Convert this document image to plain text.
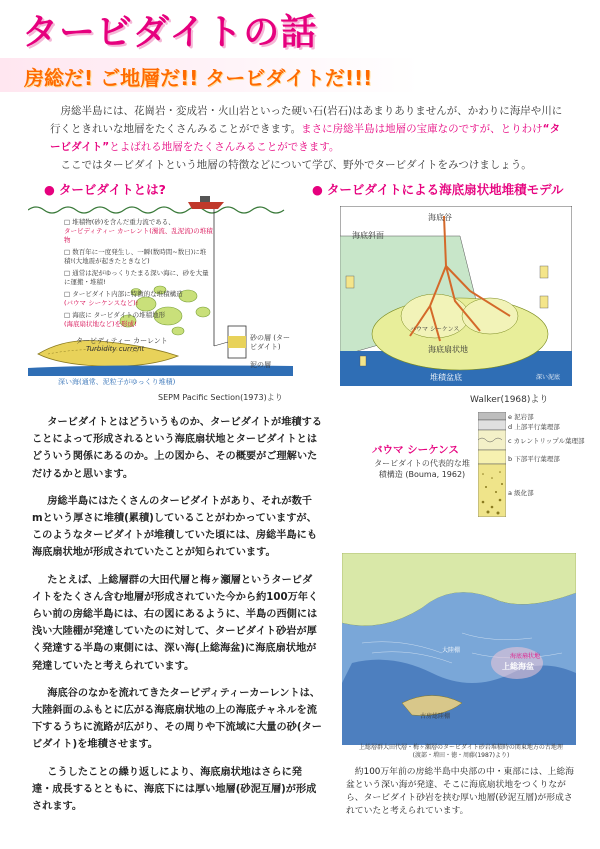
タービダイトの話
房総だ! ご地層だ!! タービダイトだ!!!

房総半島には、花崗岩・変成岩・火山岩といった硬い石(岩石)はあまりありませんが、かわりに海岸や川に行くときれいな地層をたくさんみることができます。まさに房総半島は地層の宝庫なのですが、とりわけ“タービダイト”とよばれる地層をたくさんみることができます。

ここではタービダイトという地層の特徴などについて学び、野外でタービダイトをみつけましょう。

● タービダイトとは?	● タービダイトによる海底扇状地堆積モデル
□ 堆積物(砂)を含んだ重力流である、
タービディティー カーレント(濁流、乱泥流)の堆積物
□ 数百年に一度発生し、一瞬(数時間~数日)に堆積!(大地震が起きたときなど)
□ 通常は泥がゆっくりたまる深い海に、砂を大量に運搬・堆積!
□ タービダイト内部に特徴的な堆積構造
(バウマ シーケンスなど)!
□ 海底に タービダイトの堆積地形
(海底扇状地など)を形成!
タービディティー カーレント
Turbidity current
砂の層 (タービダイト)
泥の層
深い海(通常、泥粒子がゆっくり堆積)
SEPM Pacific Section(1973)より
海底谷
海底斜面
海底扇状地
堆積盆底	深い泥底
バウマ シーケンス
Walker(1968)より

タービダイトとはどういうものか、タービダイトが堆積することによって形成されるという海底扇状地とタービダイトとはどういう関係にあるのか。上の図から、その概要がご理解いただけるかと思います。

房総半島にはたくさんのタービダイトがあり、それが数千mという厚さに堆積(累積)していることがわかっていますが、このようなタービダイトが堆積していた頃には、房総半島にも海底扇状地が形成されていたことが知られています。

たとえば、上総層群の大田代層と梅ヶ瀬層というタービダイトをたくさん含む地層が形成されていた今から約100万年くらい前の房総半島には、右の図にあるように、半島の西側には浅い大陸棚が発達していたのに対して、タービダイト砂岩が厚く発達する半島の東側には、深い海(上総海盆)に海底扇状地が発達していたと考えられています。

海底谷のなかを流れてきたタービディティーカーレントは、大陸斜面のふもとに広がる海底扇状地の上の海底チャネルを流下するうちに流路が広がり、その周りや下流域に大量の砂(タービダイト)を堆積させます。

こうしたことの繰り返しにより、海底扇状地はさらに発達・成長するとともに、海底下には厚い地層(砂泥互層)が形成されます。

バウマ シーケンス
タービダイトの代表的な堆積構造 (Bouma, 1962)
e 泥岩部
d 上部平行葉理部
c カレントリップル葉理部
b 下部平行葉理部
a 級化部
上総海盆
古房総陸棚
大陸棚
海底扇状地
上総層群大田代層・梅ヶ瀬層のタービダイト砂岩堆積時の関東地方の古地理
(渡部・増田・徳・周藤(1987)より)
約100万年前の房総半島中央部の中・東部には、上総海盆という深い海が発達、そこに海底扇状地をつくりながら、タービダイト砂岩を挟む厚い地層(砂泥互層)が形成されていたと考えられています。
